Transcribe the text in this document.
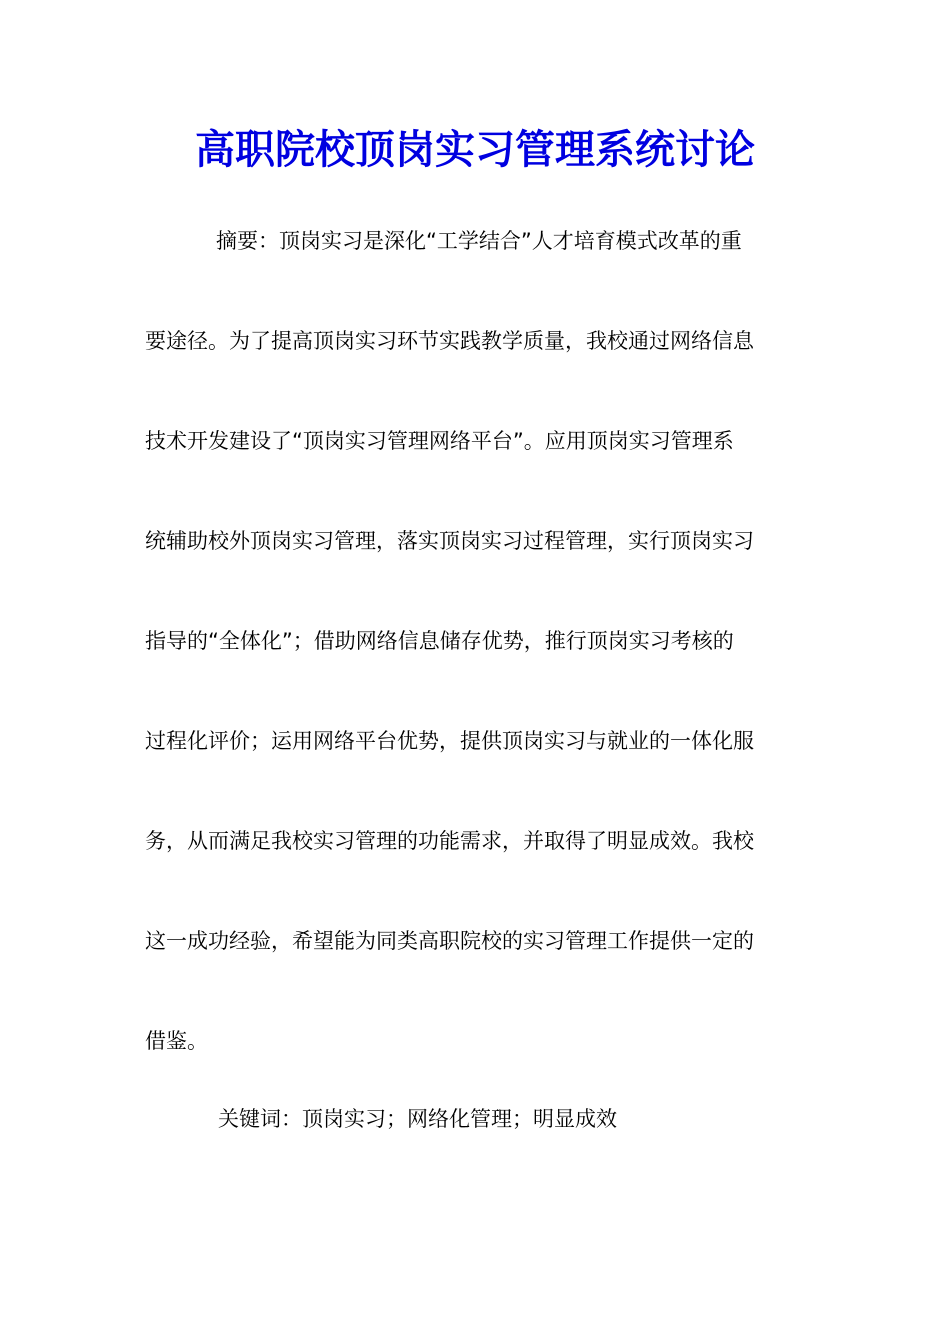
高职院校顶岗实习管理系统讨论

摘要：顶岗实习是深化“工学结合”人才培育模式改革的重

要途径。为了提高顶岗实习环节实践教学质量，我校通过网络信息

技术开发建设了“顶岗实习管理网络平台”。应用顶岗实习管理系

统辅助校外顶岗实习管理，落实顶岗实习过程管理，实行顶岗实习

指导的“全体化”；借助网络信息储存优势，推行顶岗实习考核的

过程化评价；运用网络平台优势，提供顶岗实习与就业的一体化服

务，从而满足我校实习管理的功能需求，并取得了明显成效。我校

这一成功经验，希望能为同类高职院校的实习管理工作提供一定的

借鉴。

关键词：顶岗实习；网络化管理；明显成效
